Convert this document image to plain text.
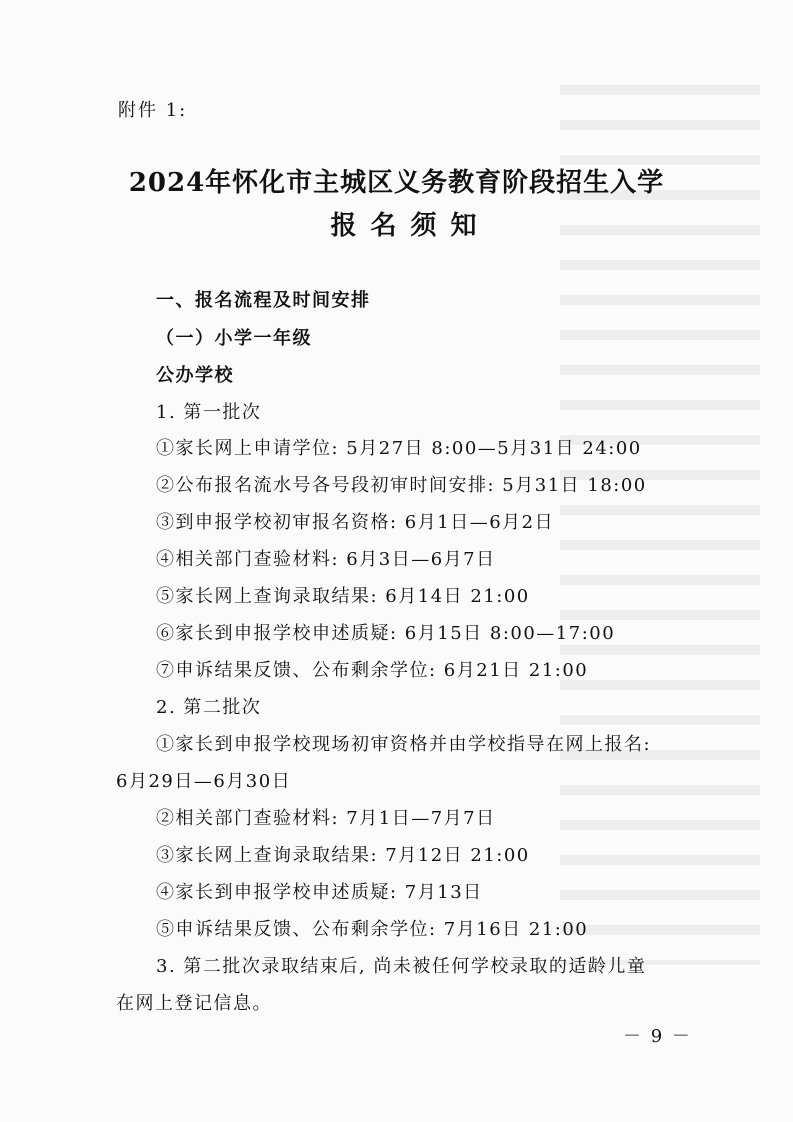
附件 1:
2024年怀化市主城区义务教育阶段招生入学
报名须知
一、报名流程及时间安排
（一）小学一年级
公办学校
1. 第一批次
①家长网上申请学位: 5月27日 8:00—5月31日 24:00
②公布报名流水号各号段初审时间安排: 5月31日 18:00
③到申报学校初审报名资格: 6月1日—6月2日
④相关部门查验材料: 6月3日—6月7日
⑤家长网上查询录取结果: 6月14日 21:00
⑥家长到申报学校申述质疑: 6月15日 8:00—17:00
⑦申诉结果反馈、公布剩余学位: 6月21日 21:00
2. 第二批次
①家长到申报学校现场初审资格并由学校指导在网上报名:
6月29日—6月30日
②相关部门查验材料: 7月1日—7月7日
③家长网上查询录取结果: 7月12日 21:00
④家长到申报学校申述质疑: 7月13日
⑤申诉结果反馈、公布剩余学位: 7月16日 21:00
3. 第二批次录取结束后, 尚未被任何学校录取的适龄儿童
在网上登记信息。
－ 9 －
